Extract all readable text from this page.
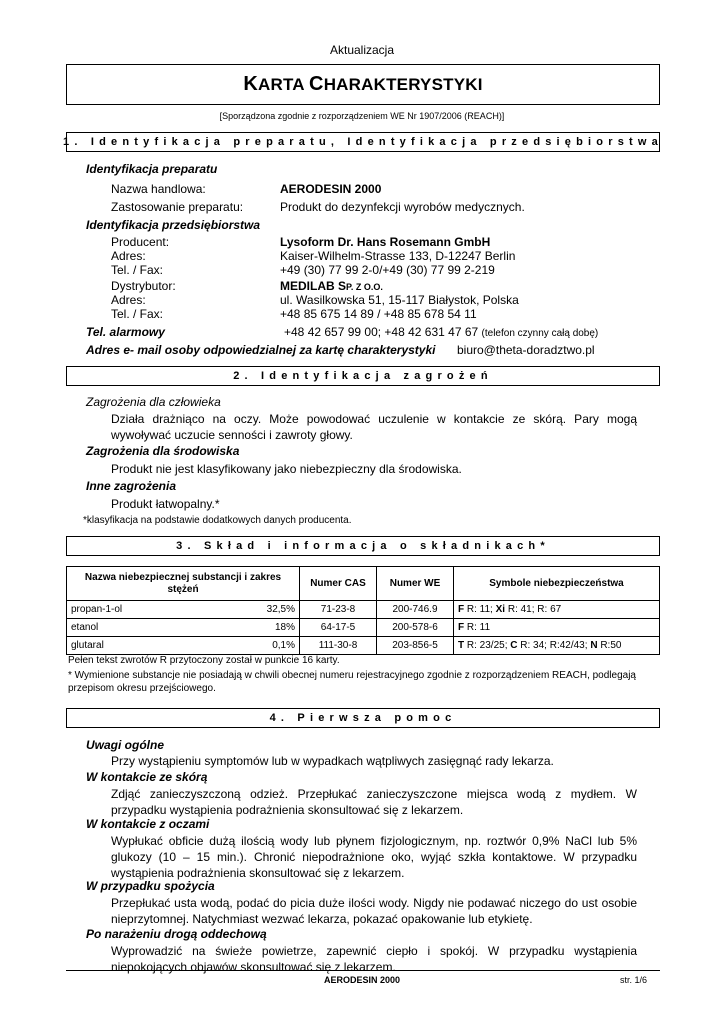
Aktualizacja
KARTA CHARAKTERYSTYKI
[Sporządzona zgodnie z rozporządzeniem WE Nr 1907/2006 (REACH)]
1. Identyfikacja preparatu, Identyfikacja przedsiębiorstwa
Identyfikacja preparatu
Nazwa handlowa:	AERODESIN 2000
Zastosowanie preparatu:	Produkt do dezynfekcji wyrobów medycznych.
Identyfikacja przedsiębiorstwa
Producent:	Lysoform Dr. Hans Rosemann GmbH
Adres:	Kaiser-Wilhelm-Strasse 133, D-12247 Berlin
Tel. / Fax:	+49 (30) 77 99 2-0/+49 (30) 77 99 2-219
Dystrybutor:	MEDILAB SP. Z O.O.
Adres:	ul. Wasilkowska 51, 15-117 Białystok, Polska
Tel. / Fax:	+48 85 675 14 89 / +48 85 678 54 11
Tel. alarmowy	+48 42 657 99 00; +48 42 631 47 67 (telefon czynny całą dobę)
Adres e- mail osoby odpowiedzialnej za kartę charakterystyki biuro@theta-doradztwo.pl
2. Identyfikacja zagrożeń
Zagrożenia dla człowieka
Działa drażniąco na oczy. Może powodować uczulenie w kontakcie ze skórą. Pary mogą wywoływać uczucie senności i zawroty głowy.
Zagrożenia dla środowiska
Produkt nie jest klasyfikowany jako niebezpieczny dla środowiska.
Inne zagrożenia
Produkt łatwopalny.*
*klasyfikacja na podstawie dodatkowych danych producenta.
3. Skład i informacja o składnikach*
Nazwa niebezpiecznej substancji i zakres stężeń	Numer CAS	Numer WE	Symbole niebezpieczeństwa
propan-1-ol 32,5%	71-23-8	200-746.9	F R: 11; Xi R: 41; R: 67
etanol 18%	64-17-5	200-578-6	F R: 11
glutaral 0,1%	111-30-8	203-856-5	T R: 23/25; C R: 34; R:42/43; N R:50
Pełen tekst zwrotów R przytoczony został w punkcie 16 karty.
* Wymienione substancje nie posiadają w chwili obecnej numeru rejestracyjnego zgodnie z rozporządzeniem REACH, podlegają przepisom okresu przejściowego.
4. Pierwsza pomoc
Uwagi ogólne
Przy wystąpieniu symptomów lub w wypadkach wątpliwych zasięgnąć rady lekarza.
W kontakcie ze skórą
Zdjąć zanieczyszczoną odzież. Przepłukać zanieczyszczone miejsca wodą z mydłem. W przypadku wystąpienia podrażnienia skonsultować się z lekarzem.
W kontakcie z oczami
Wypłukać obficie dużą ilością wody lub płynem fizjologicznym, np. roztwór 0,9% NaCl lub 5% glukozy (10 – 15 min.). Chronić niepodrażnione oko, wyjąć szkła kontaktowe. W przypadku wystąpienia podrażnienia skonsultować się z lekarzem.
W przypadku spożycia
Przepłukać usta wodą, podać do picia duże ilości wody. Nigdy nie podawać niczego do ust osobie nieprzytomnej. Natychmiast wezwać lekarza, pokazać opakowanie lub etykietę.
Po narażeniu drogą oddechową
Wyprowadzić na świeże powietrze, zapewnić ciepło i spokój. W przypadku wystąpienia niepokojących objawów skonsultować się z lekarzem.
AERODESIN 2000	str. 1/6
